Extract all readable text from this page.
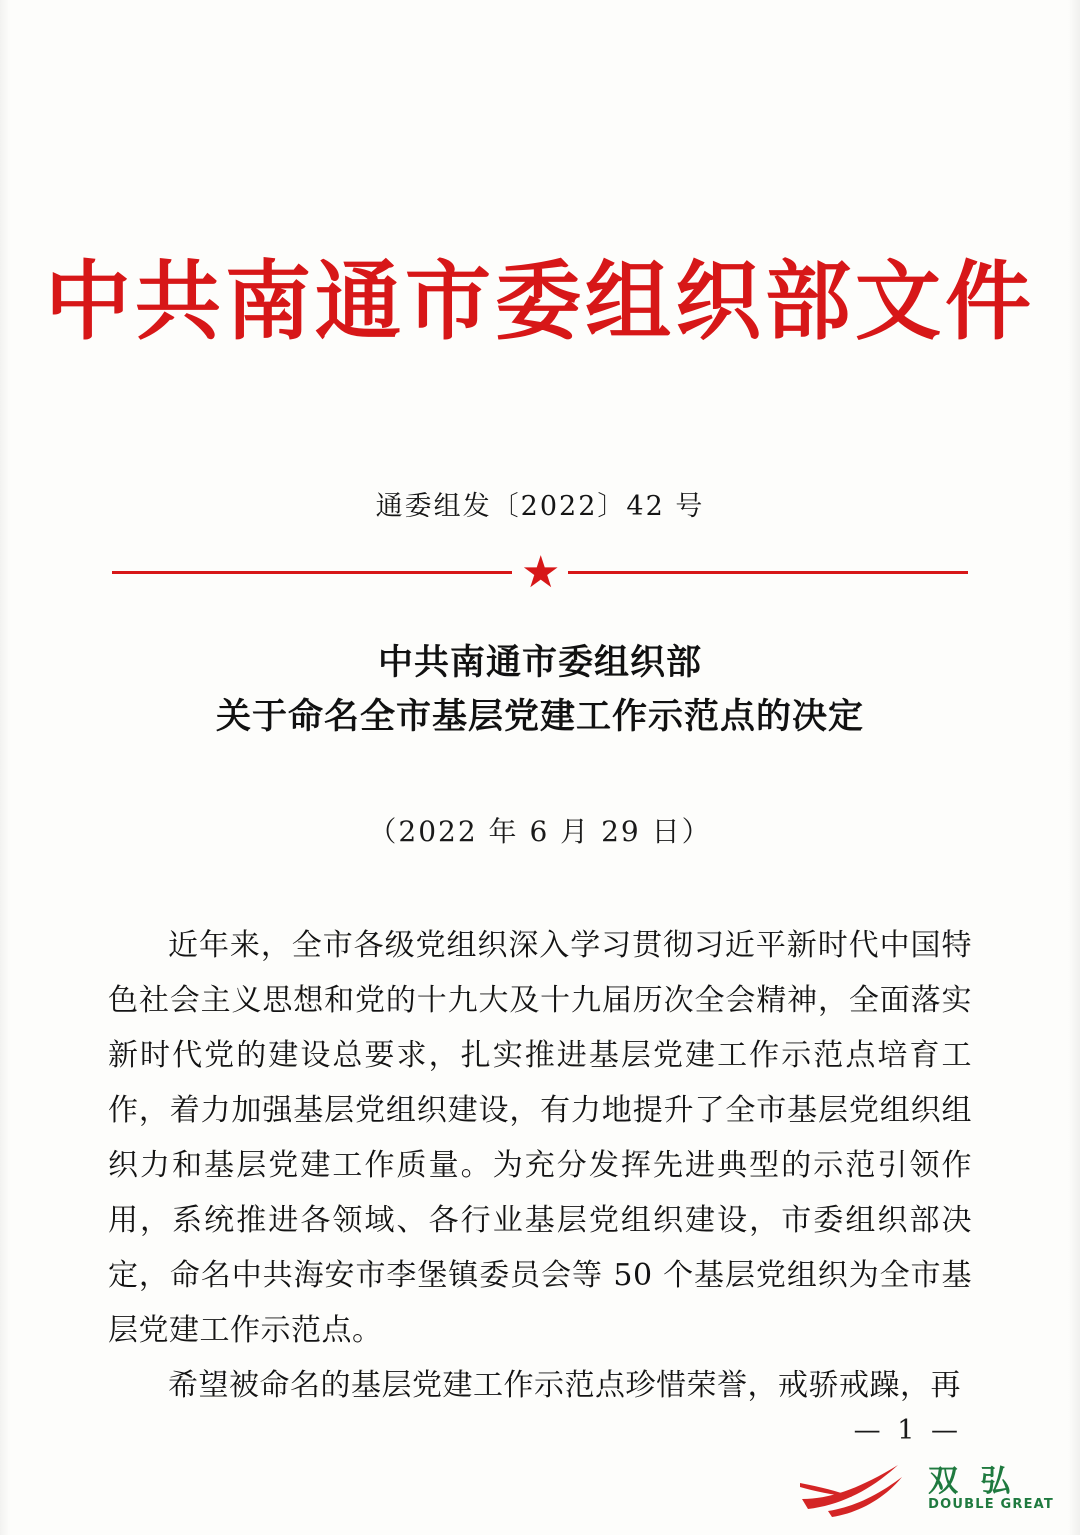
中共南通市委组织部文件
通委组发〔2022〕42 号
★
中共南通市委组织部
关于命名全市基层党建工作示范点的决定
（2022 年 6 月 29 日）

近年来，全市各级党组织深入学习贯彻习近平新时代中国特色社会主义思想和党的十九大及十九届历次全会精神，全面落实新时代党的建设总要求，扎实推进基层党建工作示范点培育工作，着力加强基层党组织建设，有力地提升了全市基层党组织组织力和基层党建工作质量。为充分发挥先进典型的示范引领作用，系统推进各领域、各行业基层党组织建设，市委组织部决定，命名中共海安市李堡镇委员会等 50 个基层党组织为全市基层党建工作示范点。

希望被命名的基层党建工作示范点珍惜荣誉，戒骄戒躁，再

— 1 —
双 弘
DOUBLE GREAT
